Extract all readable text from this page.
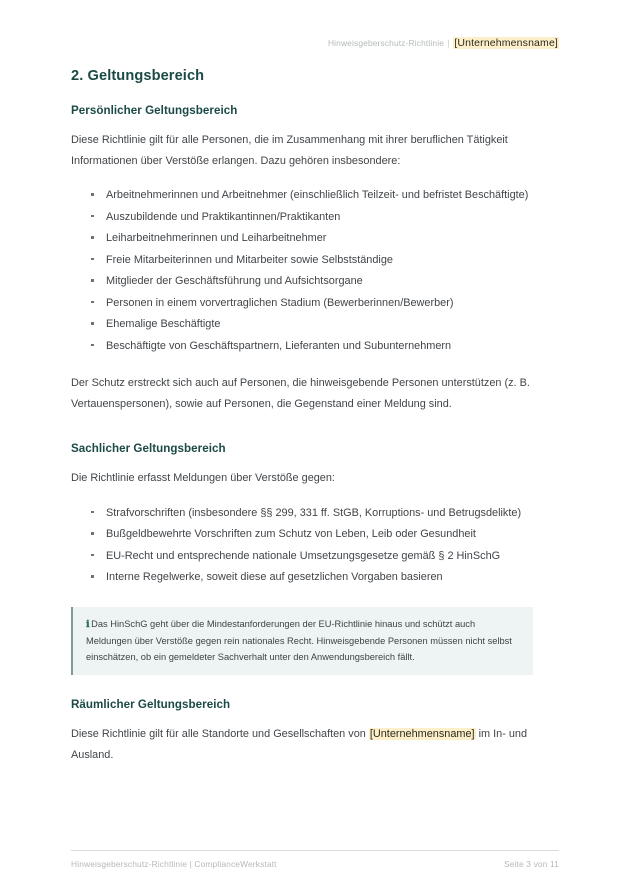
Hinweisgeberschutz-Richtlinie | [Unternehmensname]
2. Geltungsbereich
Persönlicher Geltungsbereich

Diese Richtlinie gilt für alle Personen, die im Zusammenhang mit ihrer beruflichen Tätigkeit Informationen über Verstöße erlangen. Dazu gehören insbesondere:

Arbeitnehmerinnen und Arbeitnehmer (einschließlich Teilzeit- und befristet Beschäftigte)
Auszubildende und Praktikantinnen/Praktikanten
Leiharbeitnehmerinnen und Leiharbeitnehmer
Freie Mitarbeiterinnen und Mitarbeiter sowie Selbstständige
Mitglieder der Geschäftsführung und Aufsichtsorgane
Personen in einem vorvertraglichen Stadium (Bewerberinnen/Bewerber)
Ehemalige Beschäftigte
Beschäftigte von Geschäftspartnern, Lieferanten und Subunternehmern

Der Schutz erstreckt sich auch auf Personen, die hinweisgebende Personen unterstützen (z. B. Vertauenspersonen), sowie auf Personen, die Gegenstand einer Meldung sind.

Sachlicher Geltungsbereich

Die Richtlinie erfasst Meldungen über Verstöße gegen:

Strafvorschriften (insbesondere §§ 299, 331 ff. StGB, Korruptions- und Betrugsdelikte)
Bußgeldbewehrte Vorschriften zum Schutz von Leben, Leib oder Gesundheit
EU-Recht und entsprechende nationale Umsetzungsgesetze gemäß § 2 HinSchG
Interne Regelwerke, soweit diese auf gesetzlichen Vorgaben basieren

ℹ Das HinSchG geht über die Mindestanforderungen der EU-Richtlinie hinaus und schützt auch Meldungen über Verstöße gegen rein nationales Recht. Hinweisgebende Personen müssen nicht selbst einschätzen, ob ein gemeldeter Sachverhalt unter den Anwendungsbereich fällt.

Räumlicher Geltungsbereich

Diese Richtlinie gilt für alle Standorte und Gesellschaften von [Unternehmensname] im In- und Ausland.

Hinweisgeberschutz-Richtlinie | ComplianceWerkstatt	Seite 3 von 11
